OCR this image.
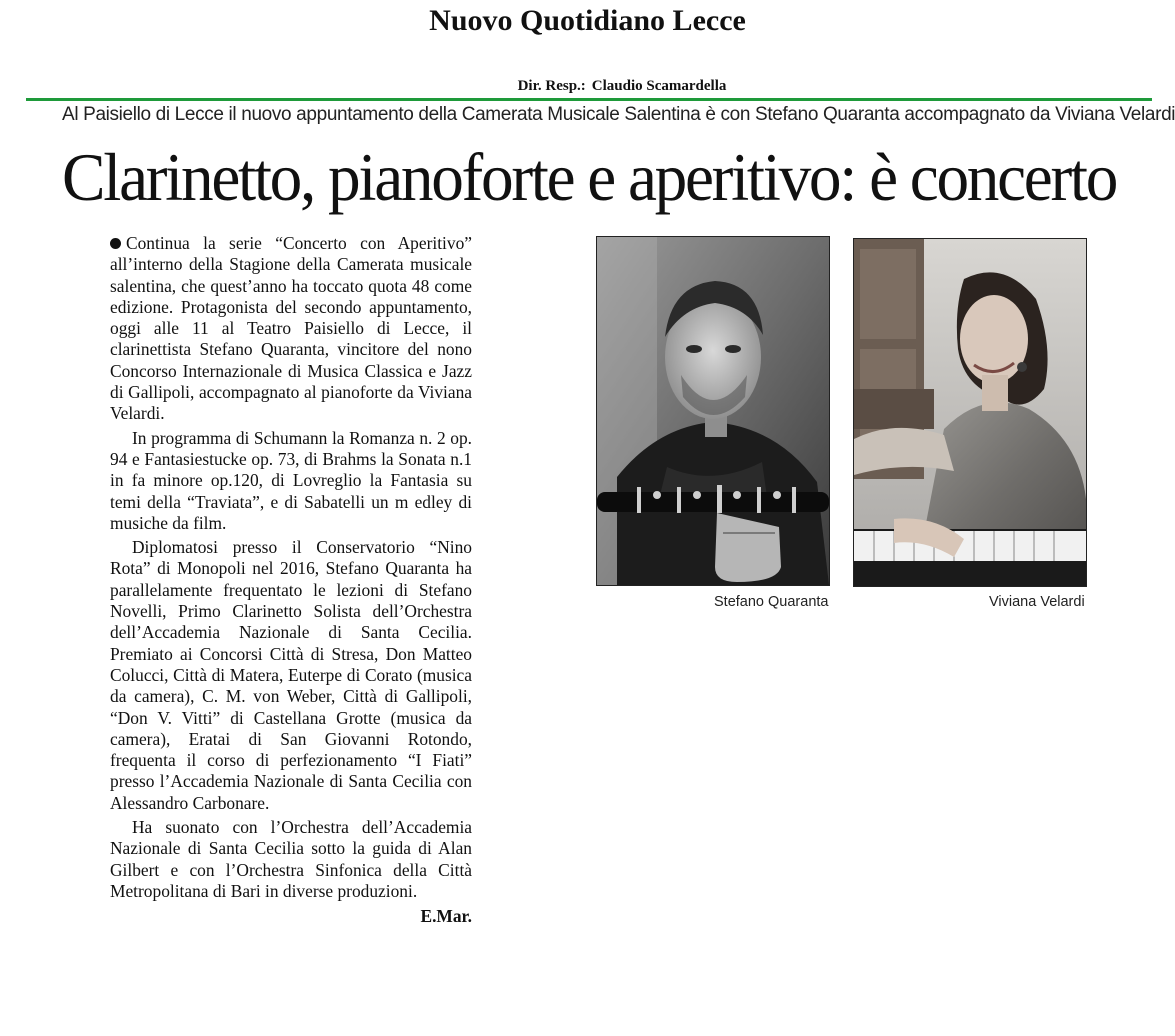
Nuovo Quotidiano Lecce
Dir. Resp.: Claudio Scamardella
Al Paisiello di Lecce il nuovo appuntamento della Camerata Musicale Salentina è con Stefano Quaranta accompagnato da Viviana Velardi
Clarinetto, pianoforte e aperitivo: è concerto

Continua la serie “Concerto con Aperitivo” all’interno della Stagione della Camerata musicale salentina, che quest’anno ha toccato quota 48 come edizione. Protagonista del secondo appuntamento, oggi alle 11 al Teatro Paisiello di Lecce, il clarinettista Stefano Quaranta, vincitore del nono Concorso Internazionale di Musica Classica e Jazz di Gallipoli, accompagnato al pianoforte da Viviana Velardi.

In programma di Schumann la Romanza n. 2 op. 94 e Fantasiestucke op. 73, di Brahms la Sonata n.1 in fa minore op.120, di Lovreglio la Fantasia su temi della “Traviata”, e di Sabatelli un m edley di musiche da film.

Diplomatosi presso il Conservatorio “Nino Rota” di Monopoli nel 2016, Stefano Quaranta ha parallelamente frequentato le lezioni di Stefano Novelli, Primo Clarinetto Solista dell’Orchestra dell’Accademia Nazionale di Santa Cecilia. Premiato ai Concorsi Città di Stresa, Don Matteo Colucci, Città di Matera, Euterpe di Corato (musica da camera), C. M. von Weber, Città di Gallipoli, “Don V. Vitti” di Castellana Grotte (musica da camera), Eratai di San Giovanni Rotondo, frequenta il corso di perfezionamento “I Fiati” presso l’Accademia Nazionale di Santa Cecilia con Alessandro Carbonare.

Ha suonato con l’Orchestra dell’Accademia Nazionale di Santa Cecilia sotto la guida di Alan Gilbert e con l’Orchestra Sinfonica della Città Metropolitana di Bari in diverse produzioni.

E.Mar.
Stefano Quaranta	Viviana Velardi
